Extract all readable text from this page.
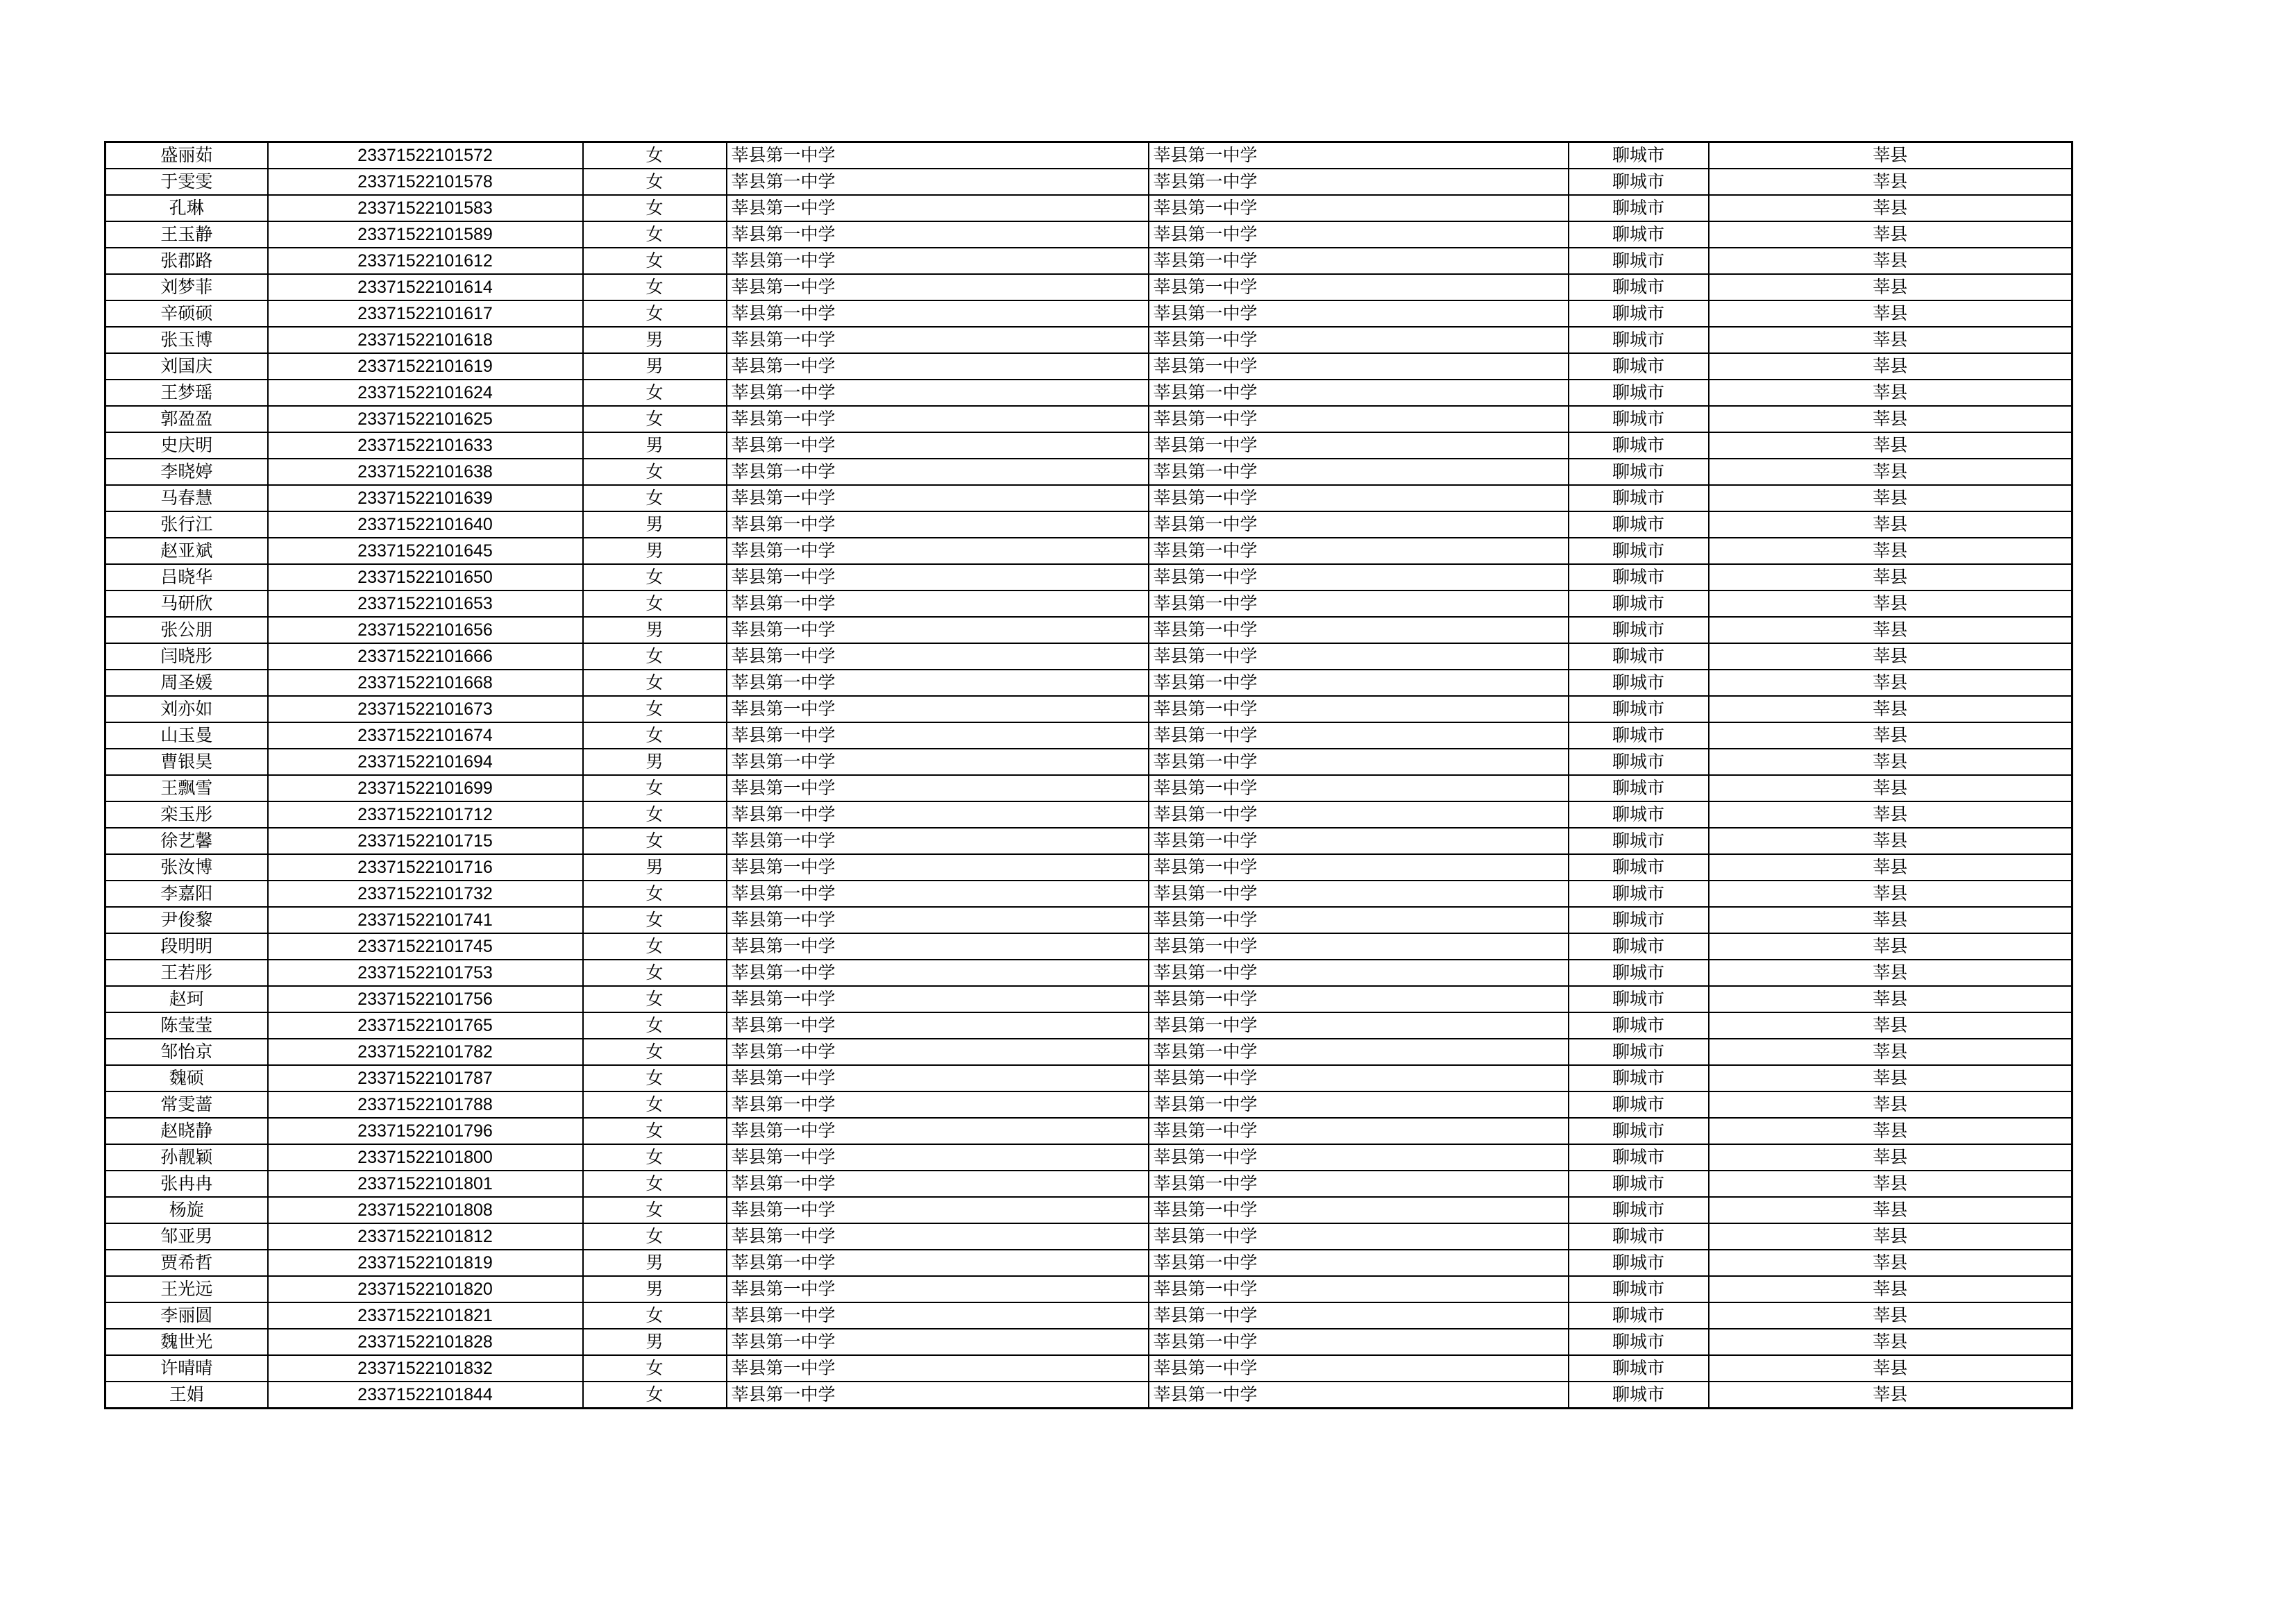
盛丽茹	23371522101572	女	莘县第一中学	莘县第一中学	聊城市	莘县
于雯雯	23371522101578	女	莘县第一中学	莘县第一中学	聊城市	莘县
孔琳	23371522101583	女	莘县第一中学	莘县第一中学	聊城市	莘县
王玉静	23371522101589	女	莘县第一中学	莘县第一中学	聊城市	莘县
张郡路	23371522101612	女	莘县第一中学	莘县第一中学	聊城市	莘县
刘梦菲	23371522101614	女	莘县第一中学	莘县第一中学	聊城市	莘县
辛硕硕	23371522101617	女	莘县第一中学	莘县第一中学	聊城市	莘县
张玉博	23371522101618	男	莘县第一中学	莘县第一中学	聊城市	莘县
刘国庆	23371522101619	男	莘县第一中学	莘县第一中学	聊城市	莘县
王梦瑶	23371522101624	女	莘县第一中学	莘县第一中学	聊城市	莘县
郭盈盈	23371522101625	女	莘县第一中学	莘县第一中学	聊城市	莘县
史庆明	23371522101633	男	莘县第一中学	莘县第一中学	聊城市	莘县
李晓婷	23371522101638	女	莘县第一中学	莘县第一中学	聊城市	莘县
马春慧	23371522101639	女	莘县第一中学	莘县第一中学	聊城市	莘县
张行江	23371522101640	男	莘县第一中学	莘县第一中学	聊城市	莘县
赵亚斌	23371522101645	男	莘县第一中学	莘县第一中学	聊城市	莘县
吕晓华	23371522101650	女	莘县第一中学	莘县第一中学	聊城市	莘县
马研欣	23371522101653	女	莘县第一中学	莘县第一中学	聊城市	莘县
张公朋	23371522101656	男	莘县第一中学	莘县第一中学	聊城市	莘县
闫晓彤	23371522101666	女	莘县第一中学	莘县第一中学	聊城市	莘县
周圣媛	23371522101668	女	莘县第一中学	莘县第一中学	聊城市	莘县
刘亦如	23371522101673	女	莘县第一中学	莘县第一中学	聊城市	莘县
山玉曼	23371522101674	女	莘县第一中学	莘县第一中学	聊城市	莘县
曹银昊	23371522101694	男	莘县第一中学	莘县第一中学	聊城市	莘县
王飘雪	23371522101699	女	莘县第一中学	莘县第一中学	聊城市	莘县
栾玉彤	23371522101712	女	莘县第一中学	莘县第一中学	聊城市	莘县
徐艺馨	23371522101715	女	莘县第一中学	莘县第一中学	聊城市	莘县
张汝博	23371522101716	男	莘县第一中学	莘县第一中学	聊城市	莘县
李嘉阳	23371522101732	女	莘县第一中学	莘县第一中学	聊城市	莘县
尹俊黎	23371522101741	女	莘县第一中学	莘县第一中学	聊城市	莘县
段明明	23371522101745	女	莘县第一中学	莘县第一中学	聊城市	莘县
王若彤	23371522101753	女	莘县第一中学	莘县第一中学	聊城市	莘县
赵珂	23371522101756	女	莘县第一中学	莘县第一中学	聊城市	莘县
陈莹莹	23371522101765	女	莘县第一中学	莘县第一中学	聊城市	莘县
邹怡京	23371522101782	女	莘县第一中学	莘县第一中学	聊城市	莘县
魏硕	23371522101787	女	莘县第一中学	莘县第一中学	聊城市	莘县
常雯蔷	23371522101788	女	莘县第一中学	莘县第一中学	聊城市	莘县
赵晓静	23371522101796	女	莘县第一中学	莘县第一中学	聊城市	莘县
孙靓颖	23371522101800	女	莘县第一中学	莘县第一中学	聊城市	莘县
张冉冉	23371522101801	女	莘县第一中学	莘县第一中学	聊城市	莘县
杨旋	23371522101808	女	莘县第一中学	莘县第一中学	聊城市	莘县
邹亚男	23371522101812	女	莘县第一中学	莘县第一中学	聊城市	莘县
贾希哲	23371522101819	男	莘县第一中学	莘县第一中学	聊城市	莘县
王光远	23371522101820	男	莘县第一中学	莘县第一中学	聊城市	莘县
李丽圆	23371522101821	女	莘县第一中学	莘县第一中学	聊城市	莘县
魏世光	23371522101828	男	莘县第一中学	莘县第一中学	聊城市	莘县
许晴晴	23371522101832	女	莘县第一中学	莘县第一中学	聊城市	莘县
王娟	23371522101844	女	莘县第一中学	莘县第一中学	聊城市	莘县
